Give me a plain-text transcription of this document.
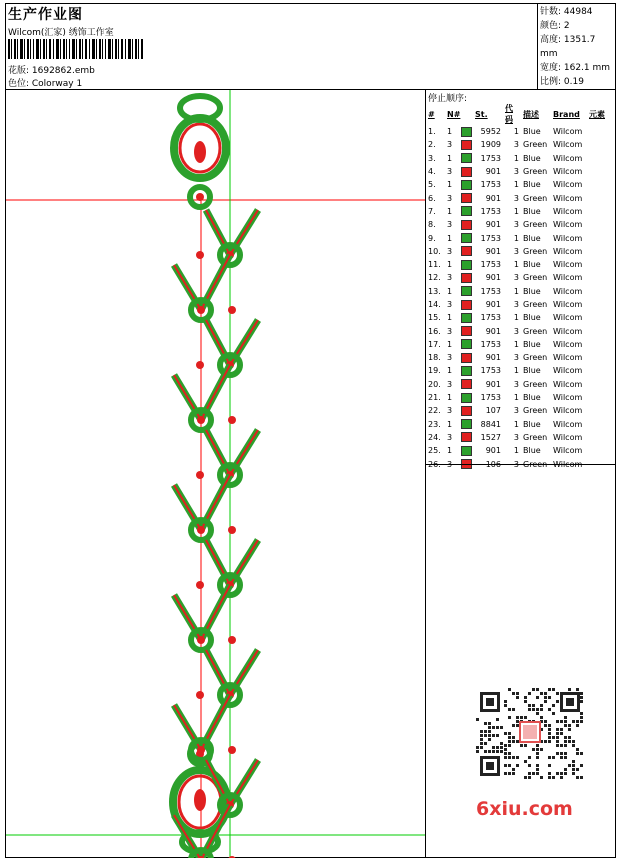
生产作业图
Wilcom(汇家) 绣饰工作室
花版: 1692862.emb
色位: Colorway 1
针数: 44984
颜色: 2
高度: 1351.7 mm
宽度: 162.1 mm
比例: 0.19
停止顺序:
#	N#		St.	代码	描述	Brand	元素
1.	1		5952	1	Blue	Wilcom	
2.	3		1909	3	Green	Wilcom	
3.	1		1753	1	Blue	Wilcom	
4.	3		901	3	Green	Wilcom	
5.	1		1753	1	Blue	Wilcom	
6.	3		901	3	Green	Wilcom	
7.	1		1753	1	Blue	Wilcom	
8.	3		901	3	Green	Wilcom	
9.	1		1753	1	Blue	Wilcom	
10.	3		901	3	Green	Wilcom	
11.	1		1753	1	Blue	Wilcom	
12.	3		901	3	Green	Wilcom	
13.	1		1753	1	Blue	Wilcom	
14.	3		901	3	Green	Wilcom	
15.	1		1753	1	Blue	Wilcom	
16.	3		901	3	Green	Wilcom	
17.	1		1753	1	Blue	Wilcom	
18.	3		901	3	Green	Wilcom	
19.	1		1753	1	Blue	Wilcom	
20.	3		901	3	Green	Wilcom	
21.	1		1753	1	Blue	Wilcom	
22.	3		107	3	Green	Wilcom	
23.	1		8841	1	Blue	Wilcom	
24.	3		1527	3	Green	Wilcom	
25.	1		901	1	Blue	Wilcom	
26.	3		106	3	Green	Wilcom	
6xiu.com
